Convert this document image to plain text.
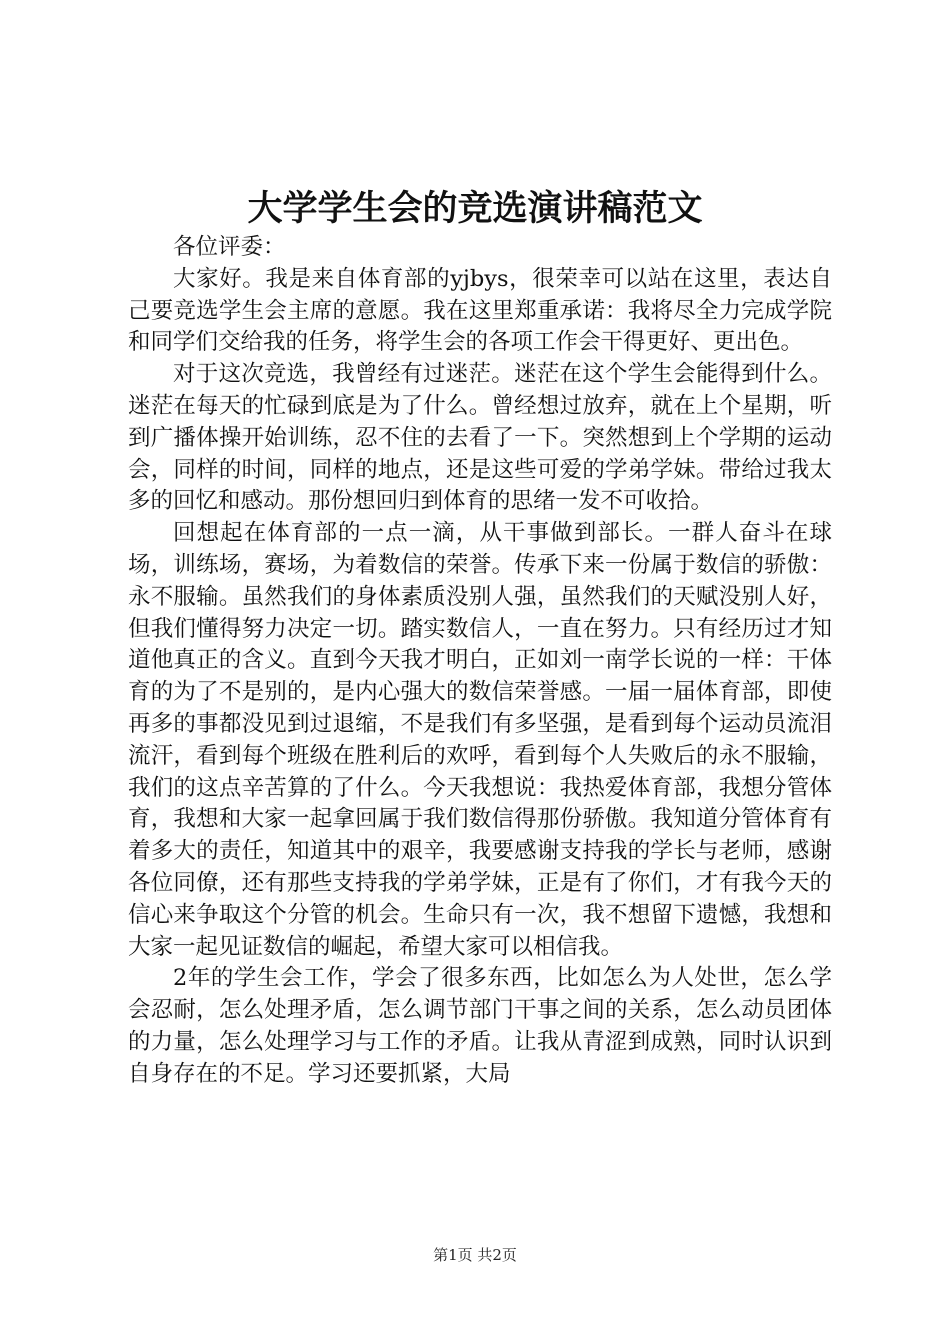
大学学生会的竞选演讲稿范文

各位评委：

大家好。我是来自体育部的yjbys，很荣幸可以站在这里，表达自己要竞选学生会主席的意愿。我在这里郑重承诺：我将尽全力完成学院和同学们交给我的任务，将学生会的各项工作会干得更好、更出色。

对于这次竞选，我曾经有过迷茫。迷茫在这个学生会能得到什么。迷茫在每天的忙碌到底是为了什么。曾经想过放弃，就在上个星期，听到广播体操开始训练，忍不住的去看了一下。突然想到上个学期的运动会，同样的时间，同样的地点，还是这些可爱的学弟学妹。带给过我太多的回忆和感动。那份想回归到体育的思绪一发不可收拾。

回想起在体育部的一点一滴，从干事做到部长。一群人奋斗在球场，训练场，赛场，为着数信的荣誉。传承下来一份属于数信的骄傲：永不服输。虽然我们的身体素质没别人强，虽然我们的天赋没别人好，但我们懂得努力决定一切。踏实数信人，一直在努力。只有经历过才知道他真正的含义。直到今天我才明白，正如刘一南学长说的一样：干体育的为了不是别的，是内心强大的数信荣誉感。一届一届体育部，即使再多的事都没见到过退缩，不是我们有多坚强，是看到每个运动员流泪流汗，看到每个班级在胜利后的欢呼，看到每个人失败后的永不服输，我们的这点辛苦算的了什么。今天我想说：我热爱体育部，我想分管体育，我想和大家一起拿回属于我们数信得那份骄傲。我知道分管体育有着多大的责任，知道其中的艰辛，我要感谢支持我的学长与老师，感谢各位同僚，还有那些支持我的学弟学妹，正是有了你们，才有我今天的信心来争取这个分管的机会。生命只有一次，我不想留下遗憾，我想和大家一起见证数信的崛起，希望大家可以相信我。

2年的学生会工作，学会了很多东西，比如怎么为人处世，怎么学会忍耐，怎么处理矛盾，怎么调节部门干事之间的关系，怎么动员团体的力量，怎么处理学习与工作的矛盾。让我从青涩到成熟，同时认识到自身存在的不足。学习还要抓紧，大局

第1页 共2页
